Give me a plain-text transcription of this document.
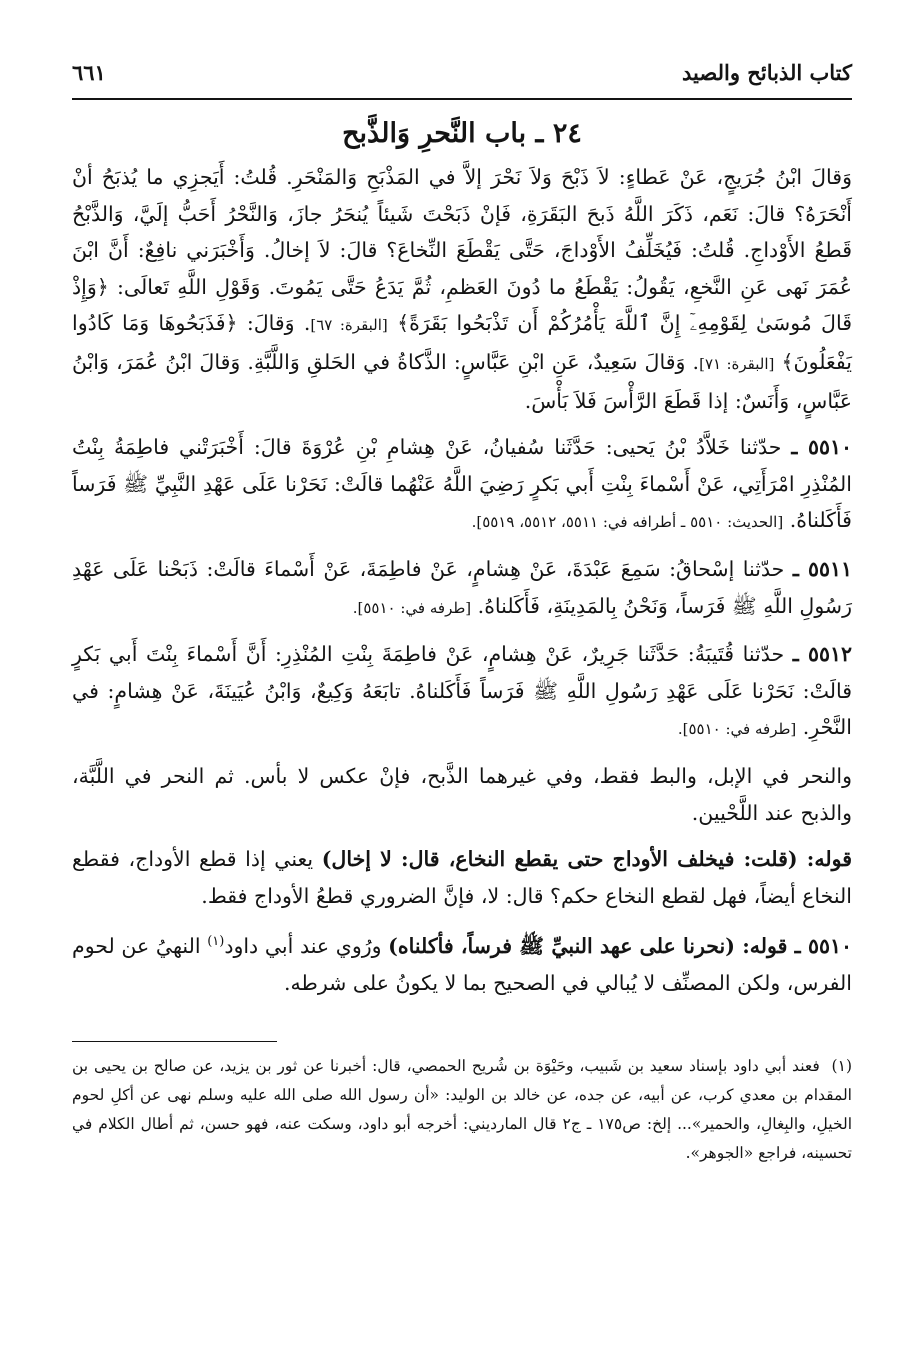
كتاب الذبائح والصيد
٦٦١
٢٤ ـ باب النَّحرِ وَالذَّبح

وَقالَ ابْنُ جُرَيجٍ، عَنْ عَطاءٍ: لاَ ذَبْحَ وَلاَ نَحْرَ إلاَّ في المَذْبَحِ وَالمَنْحَرِ. قُلتُ: أَيَجزِي ما يُذبَحُ أنْ أَنْحَرَهُ؟ قالَ: نَعَم، ذَكَرَ اللَّهُ ذَبحَ البَقَرَةِ، فَإنْ ذَبَحْتَ شَيئاً يُنحَرُ جازَ، وَالنَّحْرُ أَحَبُّ إلَيَّ، وَالذَّبْحُ قَطعُ الأَوْداجِ. قُلتُ: فَيُخَلِّفُ الأَوْداجَ، حَتَّى يَقْطَعَ النِّخاعَ؟ قالَ: لاَ إخالُ. وَأَخْبَرَني نافِعٌ: أَنَّ ابْنَ عُمَرَ نَهى عَنِ النَّخعِ، يَقُولُ: يَقْطَعُ ما دُونَ العَظمِ، ثُمَّ يَدَعُ حَتَّى يَمُوتَ. وَقَوْلِ اللَّهِ تَعالَى: ﴿وَإِذْ قَالَ مُوسَىٰ لِقَوْمِهِۦٓ إِنَّ ٱللَّهَ يَأْمُرُكُمْ أَن تَذْبَحُوا بَقَرَةً﴾ [البقرة: ٦٧]. وَقالَ: ﴿فَذَبَحُوهَا وَمَا كَادُوا يَفْعَلُونَ﴾ [البقرة: ٧١]. وَقالَ سَعِيدٌ، عَنِ ابْنِ عَبَّاسٍ: الذَّكاةُ في الحَلقِ وَاللَّبَّةِ. وَقالَ ابْنُ عُمَرَ، وَابْنُ عَبَّاسٍ، وَأَنَسٌ: إذا قَطَعَ الرَّأْسَ فَلاَ بَأْسَ.

٥٥١٠ ـ حدّثنا خَلاَّدُ بْنُ يَحيى: حَدَّثَنا سُفيانُ، عَنْ هِشامِ بْنِ عُرْوَةَ قالَ: أَخْبَرَتْني فاطِمَةُ بِنْتُ المُنْذِرِ امْرَأَتِي، عَنْ أَسْماءَ بِنْتِ أَبي بَكرٍ رَضِيَ اللَّهُ عَنْهُما قالَتْ: نَحَرْنا عَلَى عَهْدِ النَّبِيِّ ﷺ فَرَساً فَأَكَلناهُ. [الحديث: ٥٥١٠ ـ أطرافه في: ٥٥١١، ٥٥١٢، ٥٥١٩].

٥٥١١ ـ حدّثنا إسْحاقُ: سَمِعَ عَبْدَةَ، عَنْ هِشامٍ، عَنْ فاطِمَةَ، عَنْ أَسْماءَ قالَتْ: ذَبَحْنا عَلَى عَهْدِ رَسُولِ اللَّهِ ﷺ فَرَساً، وَنَحْنُ بِالمَدِينَةِ، فَأَكَلناهُ. [طرفه في: ٥٥١٠].

٥٥١٢ ـ حدّثنا قُتَيبَةُ: حَدَّثَنا جَرِيرٌ، عَنْ هِشامٍ، عَنْ فاطِمَةَ بِنْتِ المُنْذِرِ: أَنَّ أَسْماءَ بِنْتَ أَبي بَكرٍ قالَتْ: نَحَرْنا عَلَى عَهْدِ رَسُولِ اللَّهِ ﷺ فَرَساً فَأَكَلناهُ. تابَعَهُ وَكِيعٌ، وَابْنُ عُيَينَةَ، عَنْ هِشامٍ: في النَّحْرِ. [طرفه في: ٥٥١٠].

والنحر في الإبل، والبط فقط، وفي غيرهما الذَّبح، فإنْ عكس لا بأس. ثم النحر في اللَّبَّة، والذبح عند اللَّحْيين.

قوله: (قلت: فيخلف الأوداج حتى يقطع النخاع، قال: لا إخال) يعني إذا قطع الأوداج، فقطع النخاع أيضاً، فهل لقطع النخاع حكم؟ قال: لا، فإنَّ الضروري قطعُ الأوداج فقط.

٥٥١٠ ـ قوله: (نحرنا على عهد النبيِّ ﷺ فرساً، فأكلناه) ورُوي عند أبي داود$^{(١)}$ النهيُ عن لحوم الفرس، ولكن المصنِّف لا يُبالي في الصحيح بما لا يكونُ على شرطه.

(١)  فعند أبي داود بإسناد سعيد بن شَبيب، وحَيْوَة بن شُريح الحمصي، قال: أخبرنا عن ثور بن يزيد، عن صالح بن يحيى بن المقدام بن معدي كرب، عن أبيه، عن جده، عن خالد بن الوليد: «أن رسول الله صلى الله عليه وسلم نهى عن أكلِ لحوم الخيلِ، والبِغالِ، والحمير»... إلخ: ص١٧٥ ـ ج٢ قال المارديني: أخرجه أبو داود، وسكت عنه، فهو حسن، ثم أطال الكلام في تحسينه، فراجع «الجوهر».
